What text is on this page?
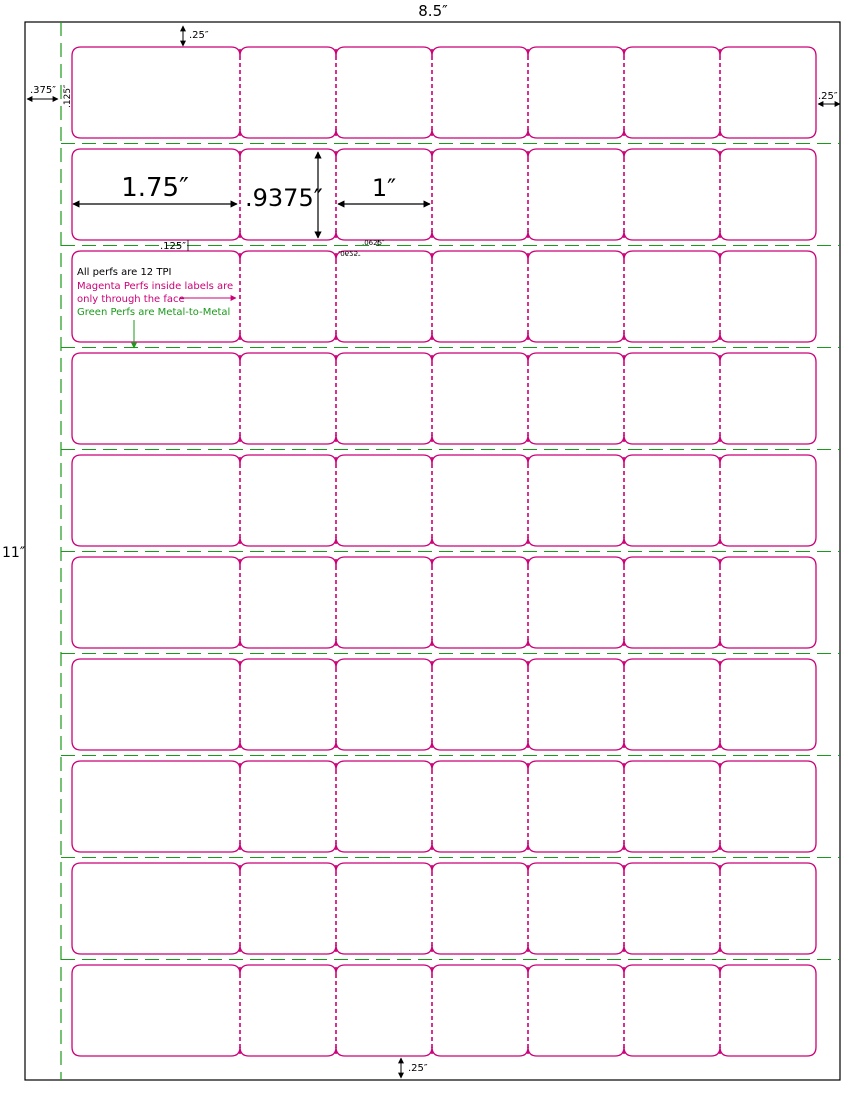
8.5″
11″
.25″
.25″
.375″ .125″	.25″
1.75″ .9375″ 1″
.125″
.0625″
.0625″
All perfs are 12 TPI
Magenta Perfs inside labels are
only through the face
Green Perfs are Metal-to-Metal
